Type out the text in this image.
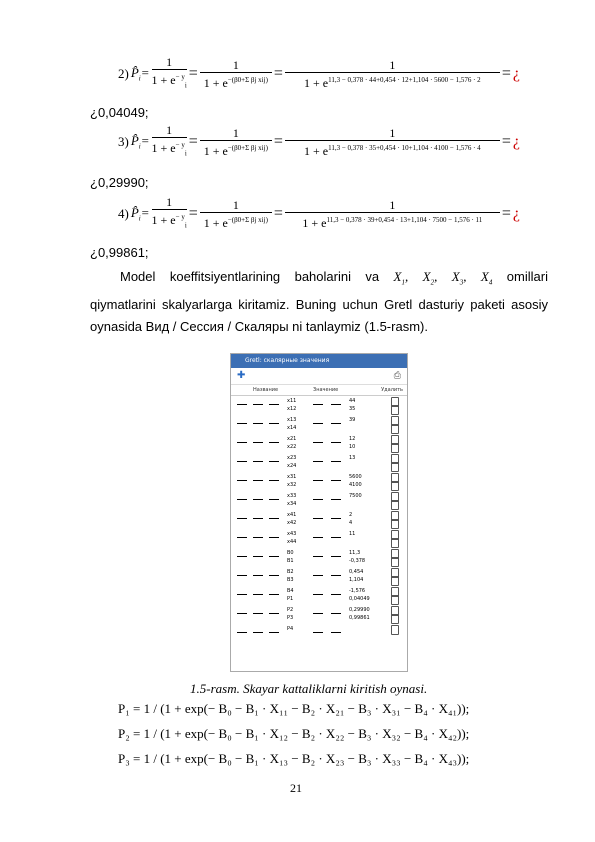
2) $P̂_i= \frac{1}{1 + e^{- y}_i}$ =
1
$1 + e^{-(\beta 0+\Sigma \beta j xij)} = \frac{1}{1 + e^{11,3 - 0,378 \cdot 44+0,454 \cdot 12+1,104 \cdot 5600 - 1,576 \cdot 2}}$ = ¿
¿0,04049;
3) $P̂_i= \frac{1}{1 + e^{- y}_i}$ =
1
$1 + e^{-(\beta 0+\Sigma \beta j xij)} = \frac{1}{1 + e^{11,3 - 0,378 \cdot 35+0,454 \cdot 10+1,104 \cdot 4100 - 1,576 \cdot 4}}$ = ¿
¿0,29990;
4) $P̂_i= \frac{1}{1 + e^{- y}_i}$ =
1
$1 + e^{-(\beta 0+\Sigma \beta j xij)} = \frac{1}{1 + e^{11,3 - 0,378 \cdot 39+0,454 \cdot 13+1,104 \cdot 7500 - 1,576 \cdot 11}}$ = ¿
¿0,99861;
Model koeffitsiyentlarining baholarini va $X_1$, $X_2$, $X_3$, $X_4$ omillari
qiymatlarini skalyarlarga kiritamiz. Buning uchun Gretl dasturiy paketi asosiy
oynasida Вид / Сессия / Скаляры ni tanlaymiz (1.5-rasm).
Gretl: скалярные значения
✚	⎙
Название	Значение	Удалить
x11	44
x12	35
x13	39
x14
x21	12
x22	10
x23	13
x24
x31	5600
x32	4100
x33	7500
x34
x41	2
x42	4
x43	11
x44
B0	11,3
B1	-0,378
B2	0,454
B3	1,104
B4	-1,576
P1	0,04049
P2	0,29990
P3	0,99861
P4
1.5-rasm. Skayar kattaliklarni kiritish oynasi.
P₁ = 1 / (1 + exp(− B₀ − B₁ · X₁₁ − B₂ · X₂₁ − B₃ · X₃₁ − B₄ · X₄₁));
P₂ = 1 / (1 + exp(− B₀ − B₁ · X₁₂ − B₂ · X₂₂ − B₃ · X₃₂ − B₄ · X₄₂));
P₃ = 1 / (1 + exp(− B₀ − B₁ · X₁₃ − B₂ · X₂₃ − B₃ · X₃₃ − B₄ · X₄₃));
21
